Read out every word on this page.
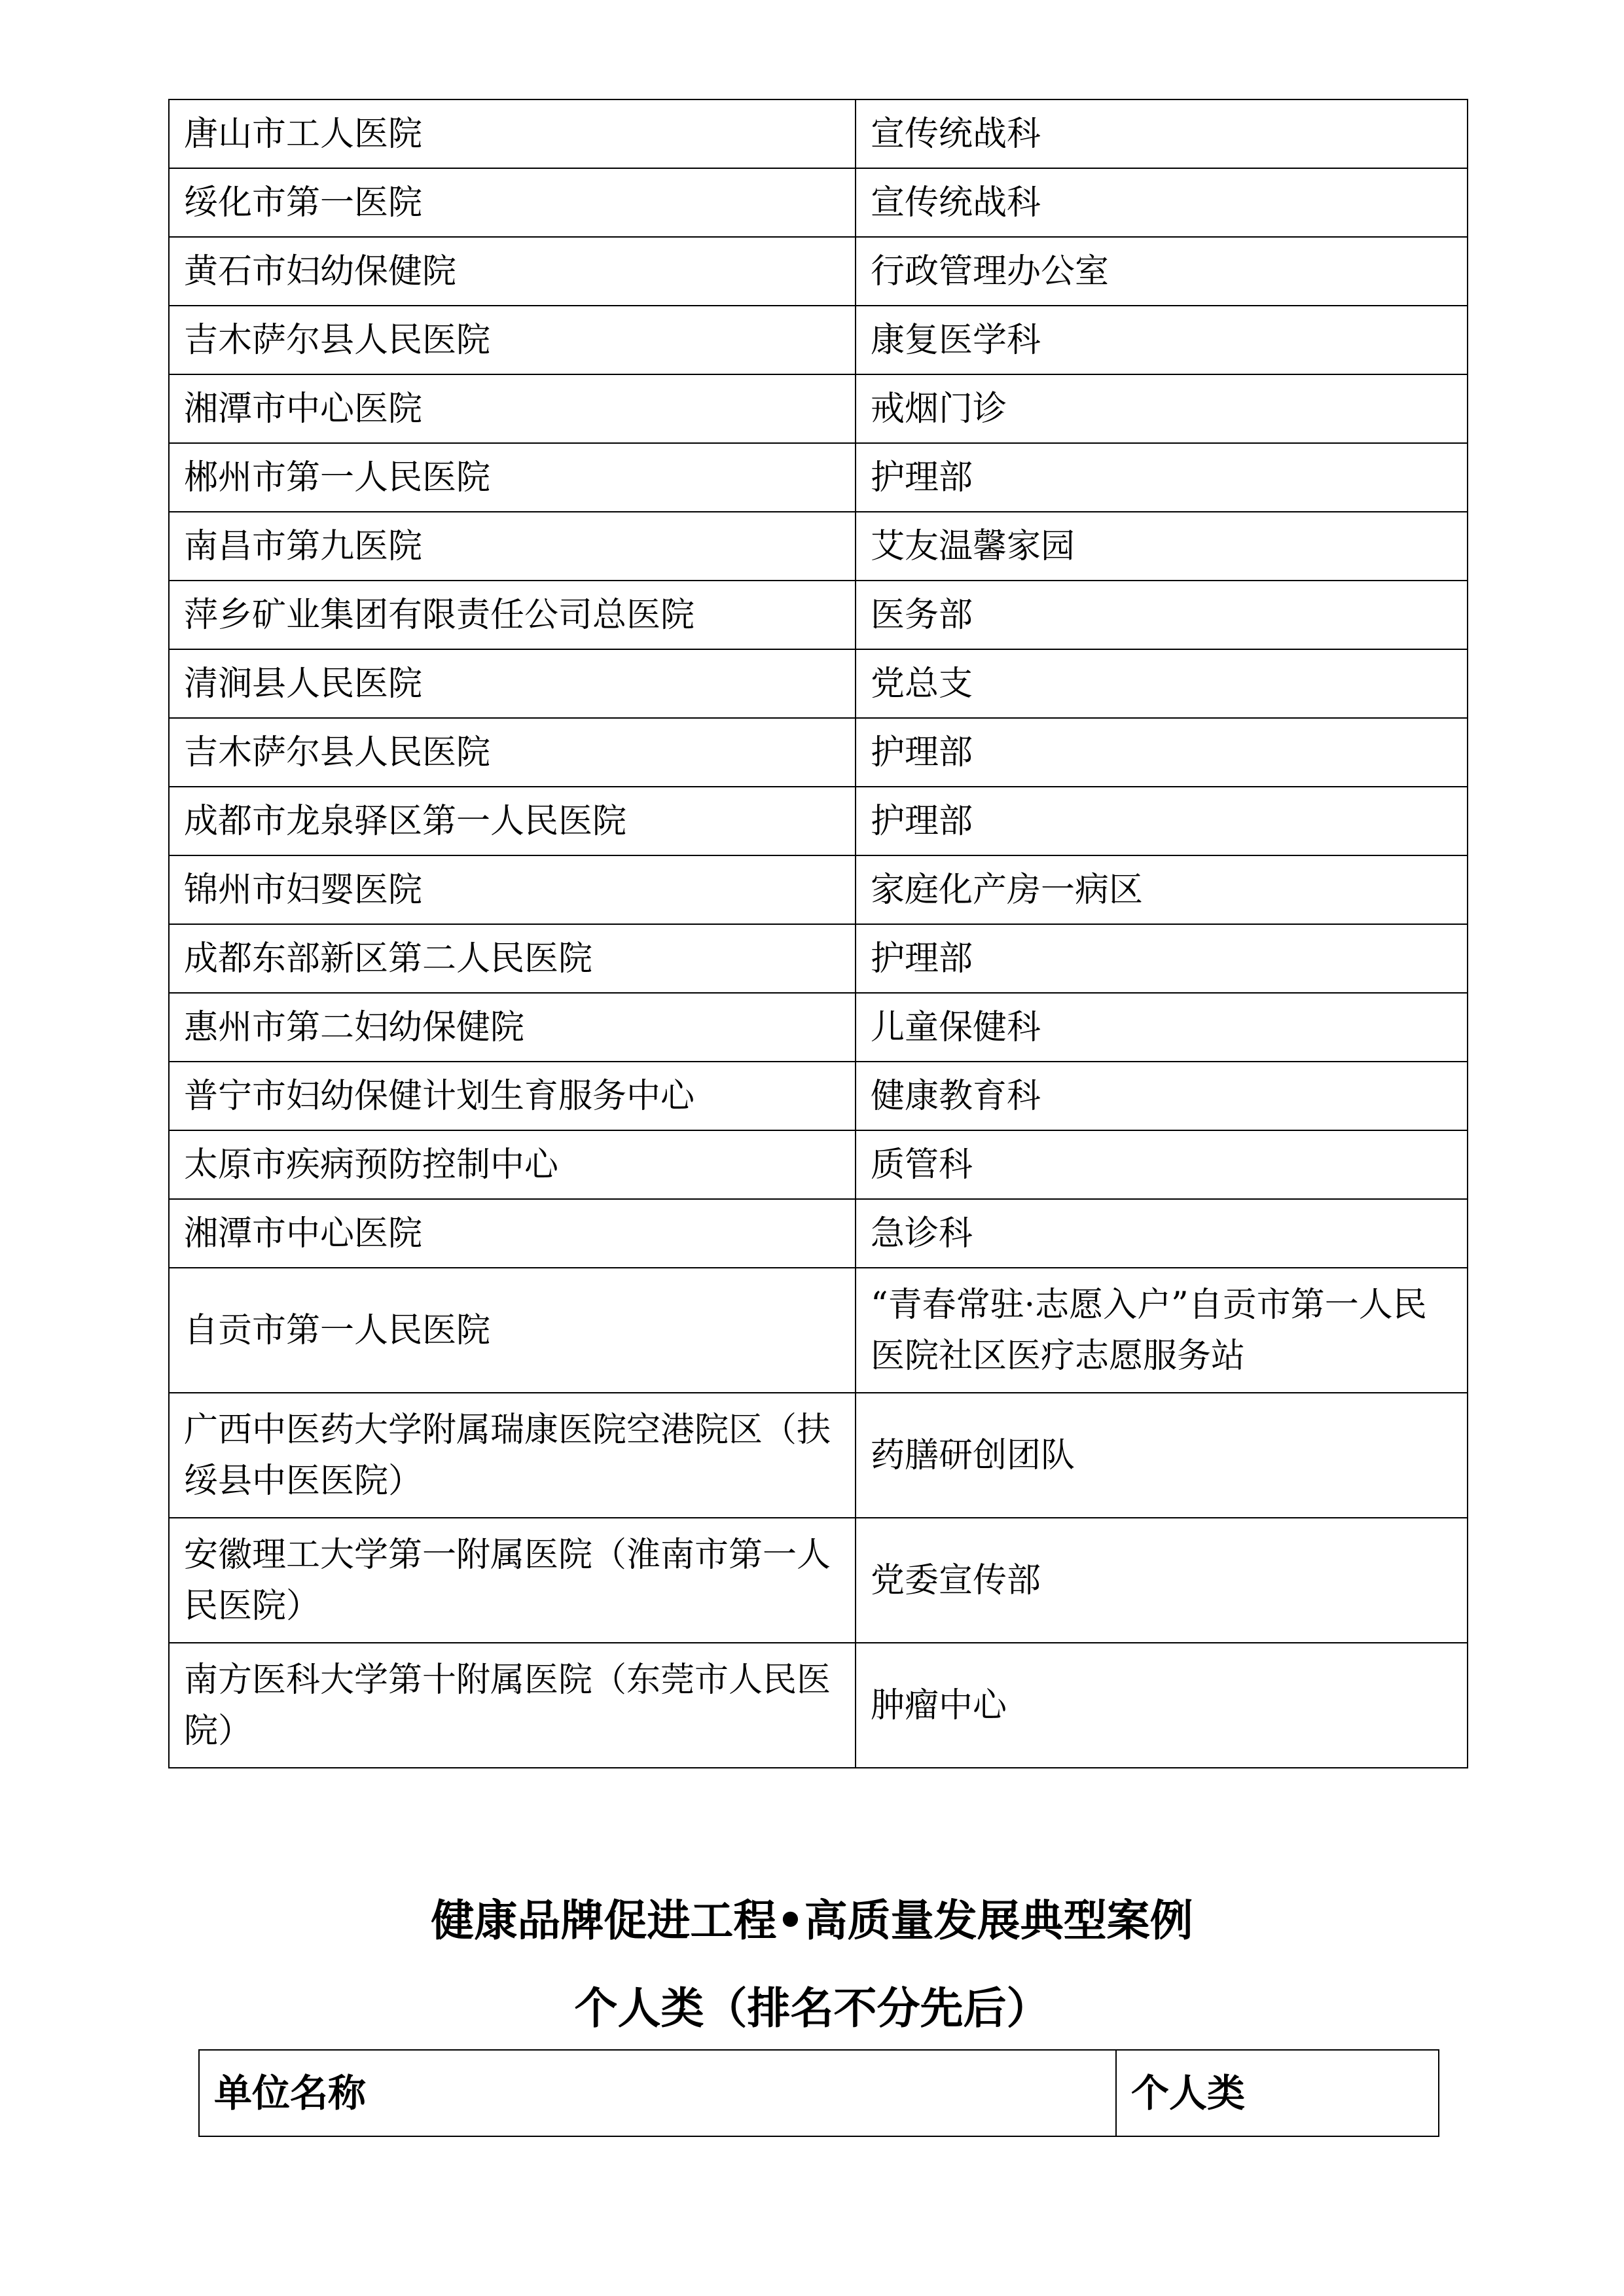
唐山市工人医院	宣传统战科
绥化市第一医院	宣传统战科
黄石市妇幼保健院	行政管理办公室
吉木萨尔县人民医院	康复医学科
湘潭市中心医院	戒烟门诊
郴州市第一人民医院	护理部
南昌市第九医院	艾友温馨家园
萍乡矿业集团有限责任公司总医院	医务部
清涧县人民医院	党总支
吉木萨尔县人民医院	护理部
成都市龙泉驿区第一人民医院	护理部
锦州市妇婴医院	家庭化产房一病区
成都东部新区第二人民医院	护理部
惠州市第二妇幼保健院	儿童保健科
普宁市妇幼保健计划生育服务中心	健康教育科
太原市疾病预防控制中心	质管科
湘潭市中心医院	急诊科
自贡市第一人民医院	“青春常驻·志愿入户”自贡市第一人民医院社区医疗志愿服务站
广西中医药大学附属瑞康医院空港院区（扶绥县中医医院）	药膳研创团队
安徽理工大学第一附属医院（淮南市第一人民医院）	党委宣传部
南方医科大学第十附属医院（东莞市人民医院）	肿瘤中心
健康品牌促进工程•高质量发展典型案例
个人类（排名不分先后）
单位名称	个人类
